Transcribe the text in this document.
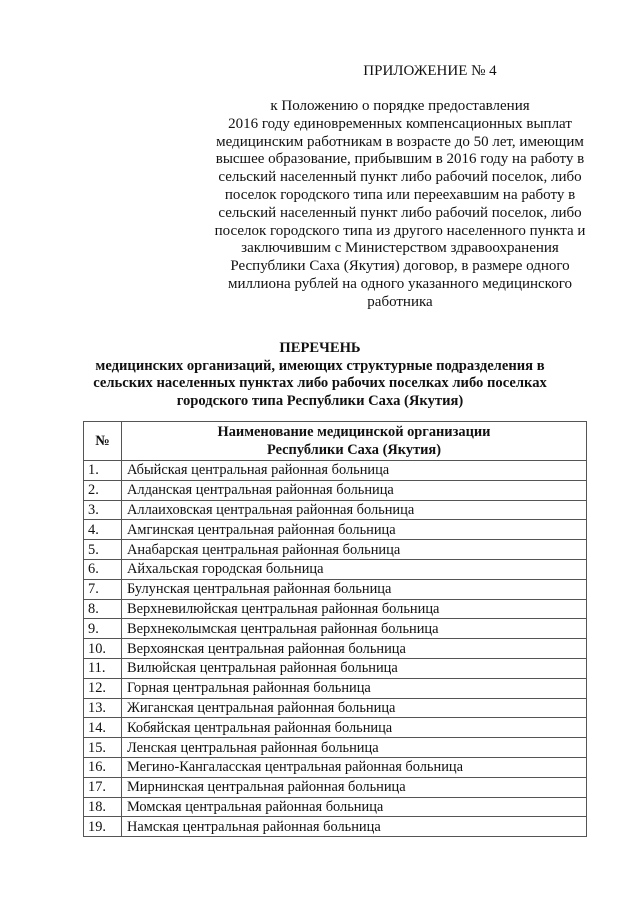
ПРИЛОЖЕНИЕ № 4
к Положению о порядке предоставления
2016 году единовременных компенсационных выплат
медицинским работникам в возрасте до 50 лет, имеющим
высшее образование, прибывшим в 2016 году на работу в
сельский населенный пункт либо рабочий поселок, либо
поселок городского типа или переехавшим на работу в
сельский населенный пункт либо рабочий поселок, либо
поселок городского типа из другого населенного пункта и
заключившим с Министерством здравоохранения
Республики Саха (Якутия) договор, в размере одного
миллиона рублей на одного указанного медицинского
работника
ПЕРЕЧЕНЬ
медицинских организаций, имеющих структурные подразделения в
сельских населенных пунктах либо рабочих поселках либо поселках
городского типа Республики Саха (Якутия)
№	Наименование медицинской организации
Республики Саха (Якутия)

1.	Абыйская центральная районная больница
2.	Алданская центральная районная больница
3.	Аллаиховская центральная районная больница
4.	Амгинская центральная районная больница
5.	Анабарская центральная районная больница
6.	Айхальская городская больница
7.	Булунская центральная районная больница
8.	Верхневилюйская центральная районная больница
9.	Верхнеколымская центральная районная больница
10.	Верхоянская центральная районная больница
11.	Вилюйская центральная районная больница
12.	Горная центральная районная больница
13.	Жиганская центральная районная больница
14.	Кобяйская центральная районная больница
15.	Ленская центральная районная больница
16.	Мегино-Кангаласская центральная районная больница
17.	Мирнинская центральная районная больница
18.	Момская центральная районная больница
19.	Намская центральная районная больница
